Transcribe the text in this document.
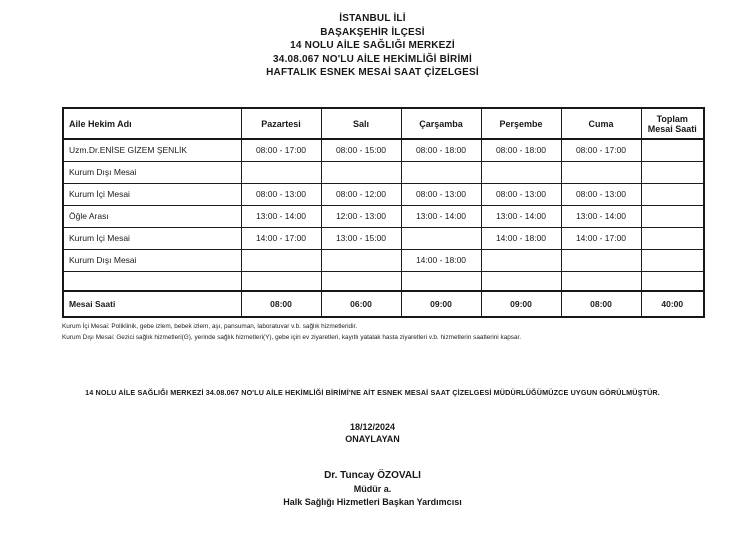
İSTANBUL İLİ
BAŞAKŞEHİR İLÇESİ
14 NOLU AİLE SAĞLIĞI MERKEZİ
34.08.067 NO'LU AİLE HEKİMLİĞİ BİRİMİ
HAFTALIK ESNEK MESAİ SAAT ÇİZELGESİ
Aile Hekim Adı	Pazartesi	Salı	Çarşamba	Perşembe	Cuma	Toplam Mesai Saati
Uzm.Dr.ENİSE GİZEM ŞENLİK	08:00 - 17:00	08:00 - 15:00	08:00 - 18:00	08:00 - 18:00	08:00 - 17:00	
Kurum Dışı Mesai						
Kurum İçi Mesai	08:00 - 13:00	08:00 - 12:00	08:00 - 13:00	08:00 - 13:00	08:00 - 13:00	
Öğle Arası	13:00 - 14:00	12:00 - 13:00	13:00 - 14:00	13:00 - 14:00	13:00 - 14:00	
Kurum İçi Mesai	14:00 - 17:00	13:00 - 15:00		14:00 - 18:00	14:00 - 17:00	
Kurum Dışı Mesai			14:00 - 18:00			

Mesai Saati	08:00	06:00	09:00	09:00	08:00	40:00
Kurum İçi Mesai: Poliklinik, gebe izlem, bebek izlem, aşı, pansuman, laboratuvar v.b. sağlık hizmetleridir.
Kurum Dışı Mesai: Gezici sağlık hizmetleri(G), yerinde sağlık hizmetleri(Y), gebe için ev ziyaretleri, kayıtlı yatalak hasta ziyaretleri v.b. hizmetlerin saatlerini kapsar.
14 NOLU AİLE SAĞLIĞI MERKEZİ 34.08.067 NO'LU AİLE HEKİMLİĞİ BİRİMİ'NE AİT ESNEK MESAİ SAAT ÇİZELGESİ MÜDÜRLÜĞÜMÜZCE UYGUN GÖRÜLMÜŞTÜR.
18/12/2024
ONAYLAYAN
Dr. Tuncay ÖZOVALI
Müdür a.
Halk Sağlığı Hizmetleri Başkan Yardımcısı
